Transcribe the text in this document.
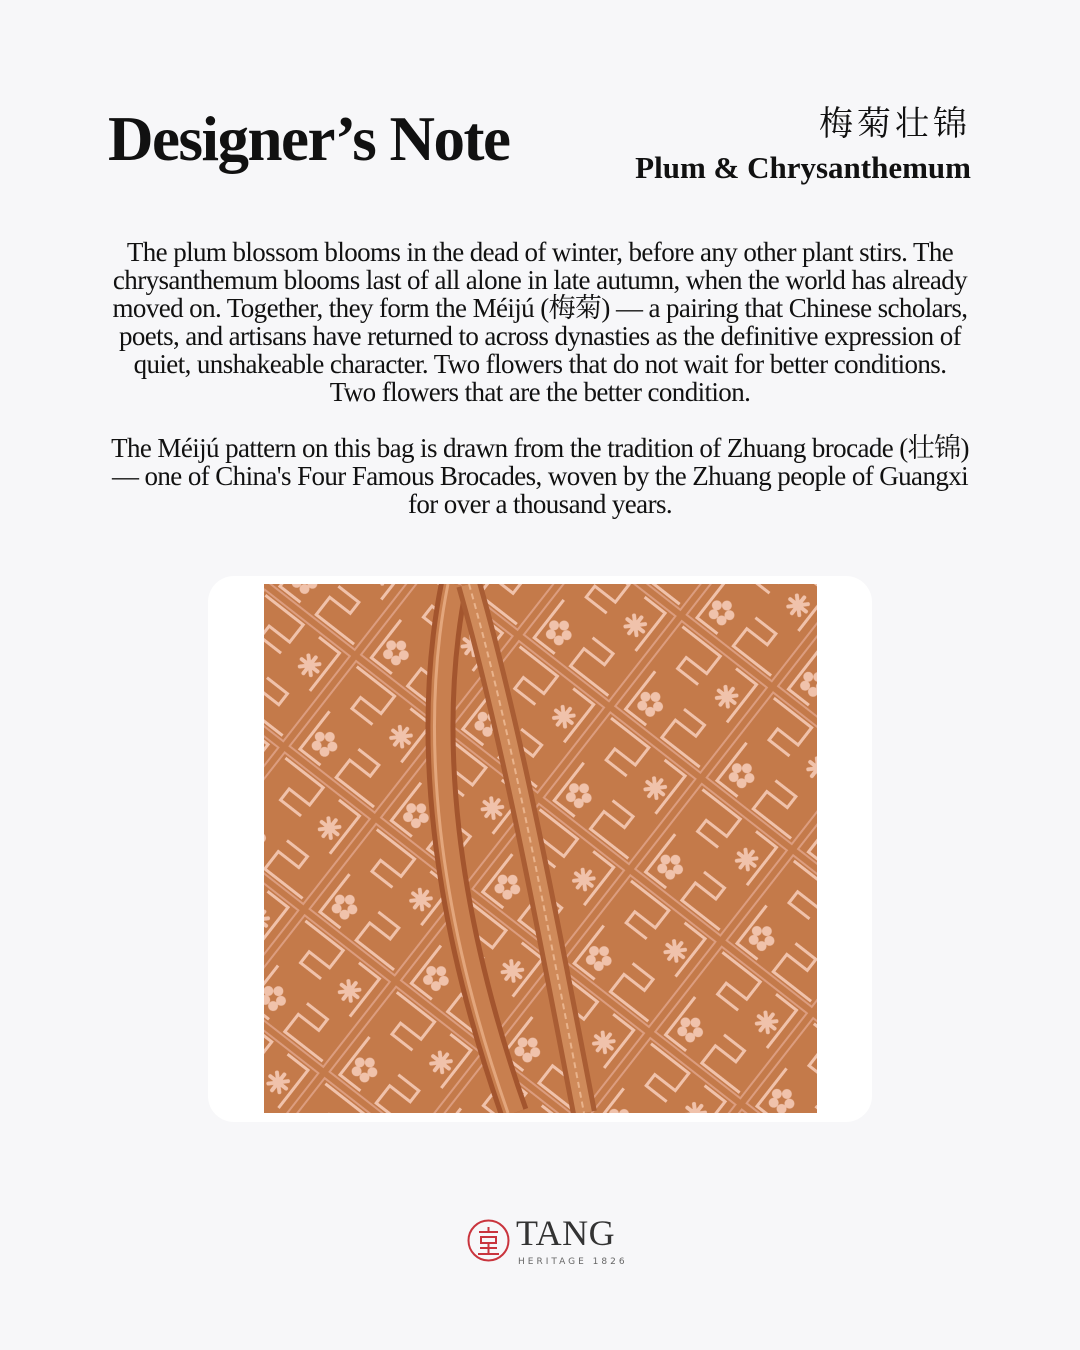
Designer’s Note	梅菊壮锦
Plum & Chrysanthemum

The plum blossom blooms in the dead of winter, before any other plant stirs. The chrysanthemum blooms last of all alone in late autumn, when the world has already moved on. Together, they form the Méijú (梅菊) — a pairing that Chinese scholars, poets, and artisans have returned to across dynasties as the definitive expression of quiet, unshakeable character. Two flowers that do not wait for better conditions. Two flowers that are the better condition.

The Méijú pattern on this bag is drawn from the tradition of Zhuang brocade (壮锦) — one of China's Four Famous Brocades, woven by the Zhuang people of Guangxi for over a thousand years.

TANG
HERITAGE 1826
